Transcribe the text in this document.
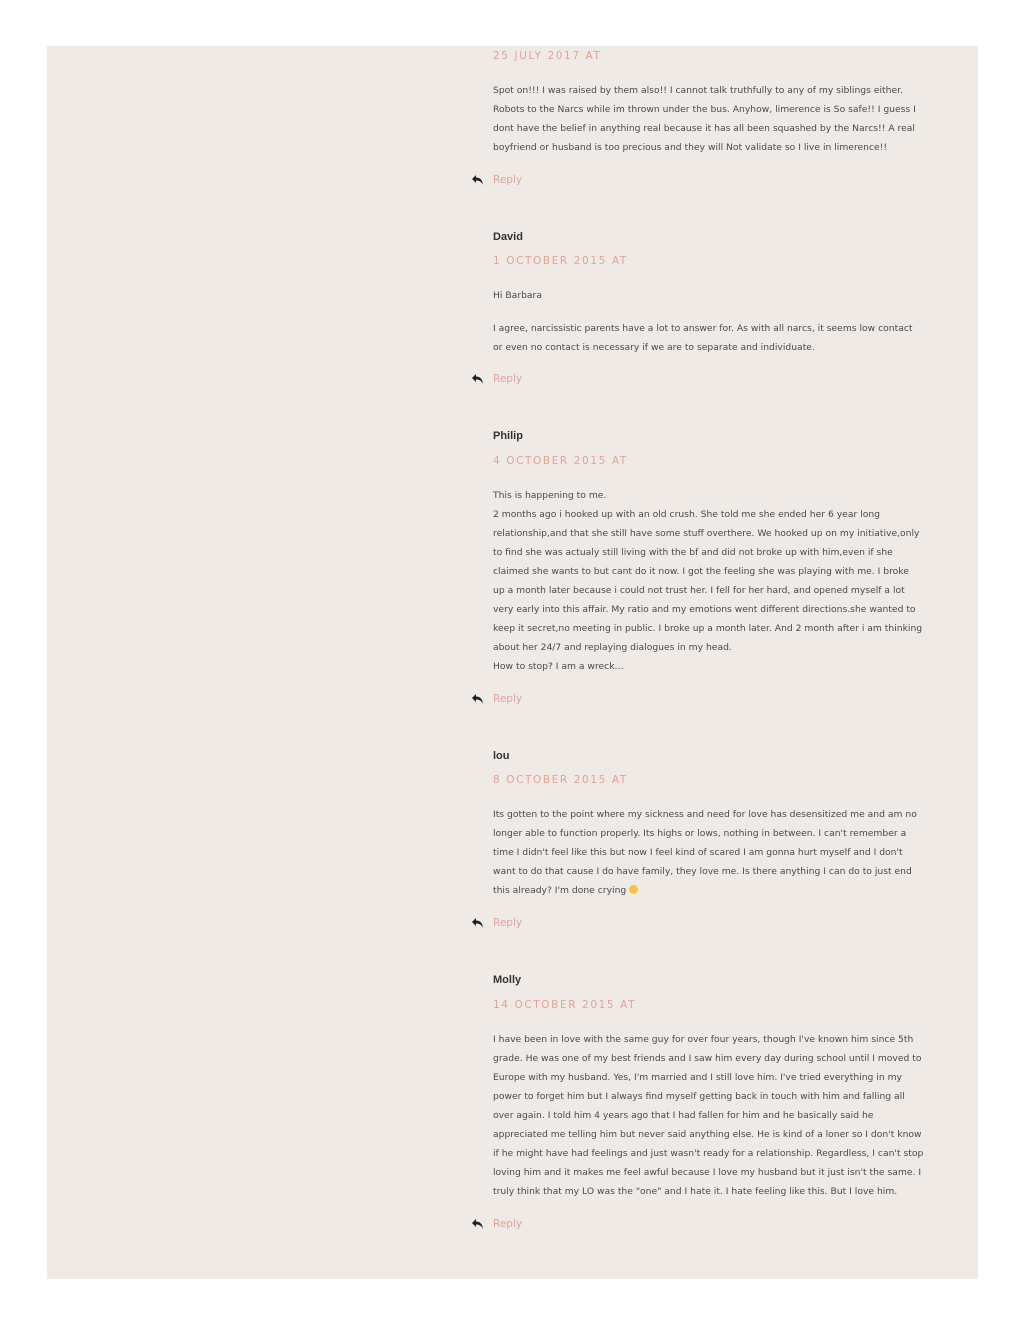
25 JULY 2017 AT
Spot on!!! I was raised by them also!! I cannot talk truthfully to any of my siblings either.
Robots to the Narcs while im thrown under the bus. Anyhow, limerence is So safe!! I guess I
dont have the belief in anything real because it has all been squashed by the Narcs!! A real
boyfriend or husband is too precious and they will Not validate so I live in limerence!!
Reply
David
1 OCTOBER 2015 AT
Hi Barbara
I agree, narcissistic parents have a lot to answer for. As with all narcs, it seems low contact
or even no contact is necessary if we are to separate and individuate.
Reply
Philip
4 OCTOBER 2015 AT
This is happening to me.
2 months ago i hooked up with an old crush. She told me she ended her 6 year long
relationship,and that she still have some stuff overthere. We hooked up on my initiative,only
to find she was actualy still living with the bf and did not broke up with him,even if she
claimed she wants to but cant do it now. I got the feeling she was playing with me. I broke
up a month later because i could not trust her. I fell for her hard, and opened myself a lot
very early into this affair. My ratio and my emotions went different directions.she wanted to
keep it secret,no meeting in public. I broke up a month later. And 2 month after i am thinking
about her 24/7 and replaying dialogues in my head.
How to stop? I am a wreck…
Reply
lou
8 OCTOBER 2015 AT
Its gotten to the point where my sickness and need for love has desensitized me and am no
longer able to function properly. Its highs or lows, nothing in between. I can't remember a
time I didn't feel like this but now I feel kind of scared I am gonna hurt myself and I don't
want to do that cause I do have family, they love me. Is there anything I can do to just end
this already? I'm done crying
Reply
Molly
14 OCTOBER 2015 AT
I have been in love with the same guy for over four years, though I've known him since 5th
grade. He was one of my best friends and I saw him every day during school until I moved to
Europe with my husband. Yes, I'm married and I still love him. I've tried everything in my
power to forget him but I always find myself getting back in touch with him and falling all
over again. I told him 4 years ago that I had fallen for him and he basically said he
appreciated me telling him but never said anything else. He is kind of a loner so I don't know
if he might have had feelings and just wasn't ready for a relationship. Regardless, I can't stop
loving him and it makes me feel awful because I love my husband but it just isn't the same. I
truly think that my LO was the "one" and I hate it. I hate feeling like this. But I love him.
Reply
